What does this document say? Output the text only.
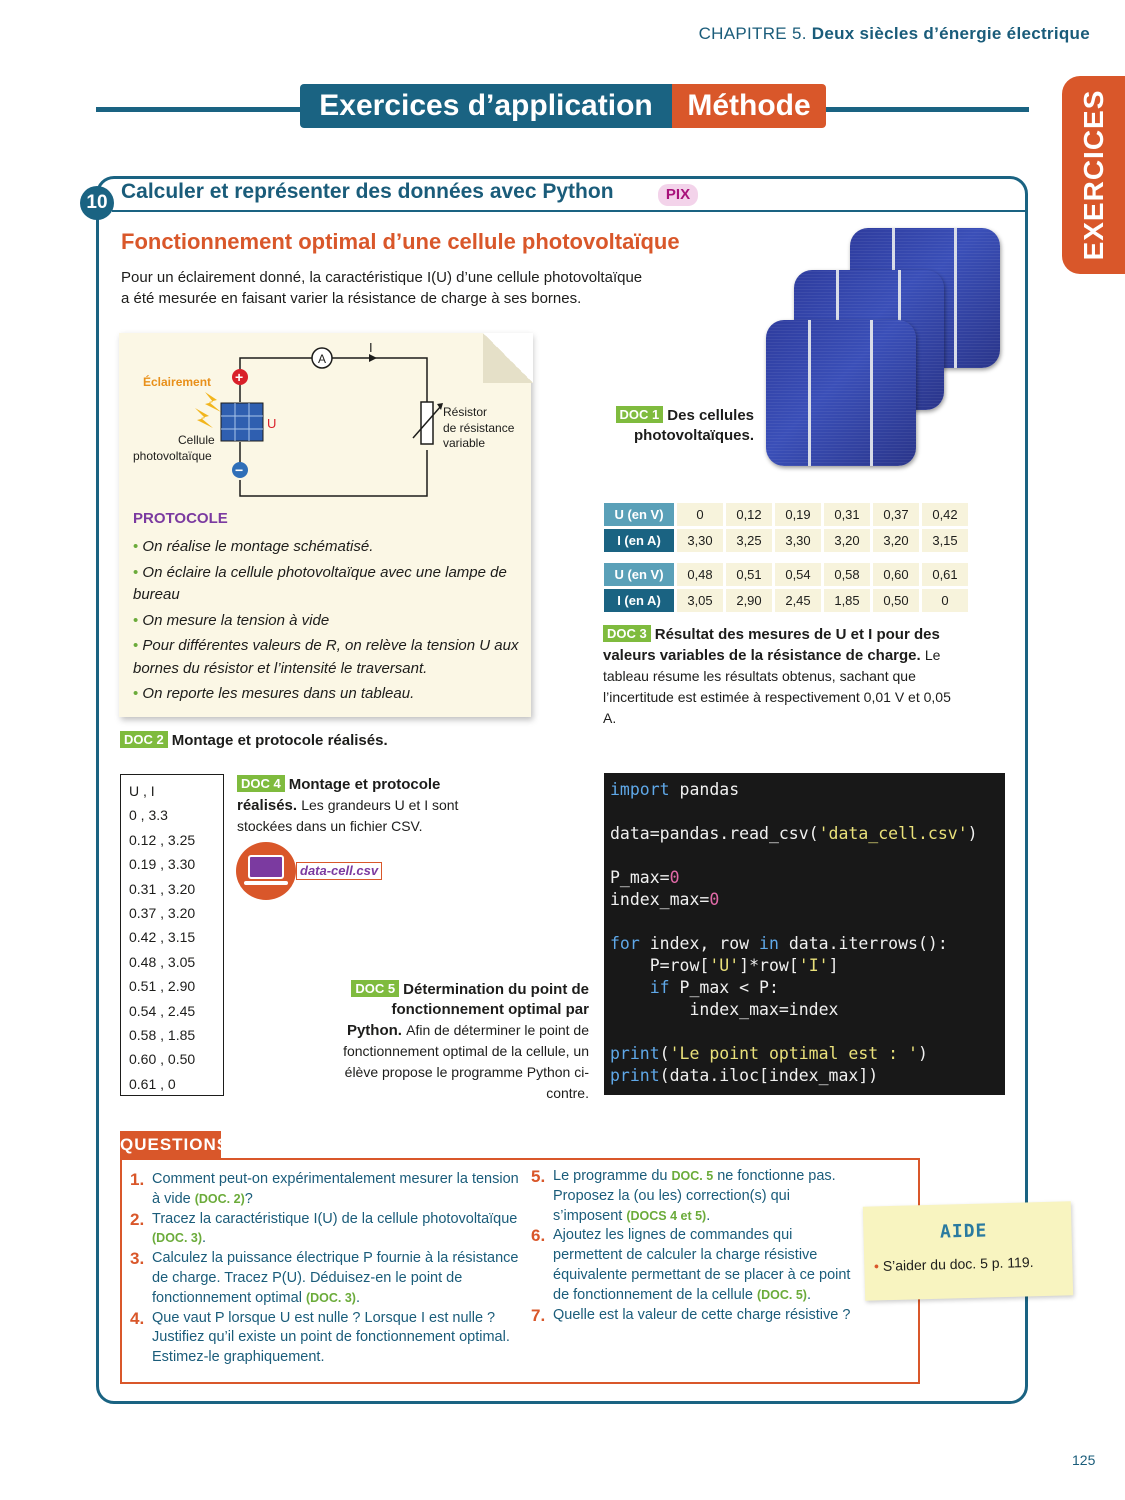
CHAPITRE 5. Deux siècles d’énergie électrique
Exercices d’application	Méthode	EXERCICES
10 Calculer et représenter des données avec Python	PIX
Fonctionnement optimal d’une cellule photovoltaïque
Pour un éclairement donné, la caractéristique I(U) d’une cellule photovoltaïque
a été mesurée en faisant varier la résistance de charge à ses bornes.
A
I
Résistor
de résistance
variable
+
−
Éclairement
U
Cellule
photovoltaïque
PROTOCOLE
• On réalise le montage schématisé.
• On éclaire la cellule photovoltaïque avec une lampe de bureau
• On mesure la tension à vide
• Pour différentes valeurs de R, on relève la tension U aux bornes du résistor et l’intensité le traversant.
• On reporte les mesures dans un tableau.
DOC 2 Montage et protocole réalisés.
DOC 1 Des cellules
photovoltaïques.
U (en V)	0	0,12	0,19	0,31	0,37	0,42
I (en A)	3,30	3,25	3,30	3,20	3,20	3,15
U (en V)	0,48	0,51	0,54	0,58	0,60	0,61
I (en A)	3,05	2,90	2,45	1,85	0,50	0
DOC 3 Résultat des mesures de U et I pour des valeurs variables de la résistance de charge. Le tableau résume les résultats obtenus, sachant que l’incertitude est estimée à respectivement 0,01 V et 0,05 A.
U , I
0 , 3.3
0.12 , 3.25
0.19 , 3.30
0.31 , 3.20
0.37 , 3.20
0.42 , 3.15
0.48 , 3.05
0.51 , 2.90
0.54 , 2.45
0.58 , 1.85
0.60 , 0.50
0.61 , 0
DOC 4 Montage et protocole réalisés. Les grandeurs U et I sont stockées dans un fichier CSV.
data-cell.csv
DOC 5 Détermination du point de fonctionnement optimal par Python. Afin de déterminer le point de fonctionnement optimal de la cellule, un élève propose le programme Python ci-contre.
import pandas

data=pandas.read_csv('data_cell.csv')

P_max=0
index_max=0

for index, row in data.iterrows():
P=row['U']*row['I']
if P_max < P:
index_max=index

print('Le point optimal est : ')
print(data.iloc[index_max])
QUESTIONS
1. Comment peut-on expérimentalement mesurer la tension à vide (DOC. 2)?
2. Tracez la caractéristique I(U) de la cellule photovoltaïque (DOC. 3).
3. Calculez la puissance électrique P fournie à la résistance de charge. Tracez P(U). Déduisez-en le point de fonctionnement optimal (DOC. 3).
4. Que vaut P lorsque U est nulle ? Lorsque I est nulle ? Justifiez qu’il existe un point de fonctionnement optimal. Estimez-le graphiquement.
5. Le programme du DOC. 5 ne fonctionne pas. Proposez la (ou les) correction(s) qui s’imposent (DOCS 4 et 5).
6. Ajoutez les lignes de commandes qui permettent de calculer la charge résistive équivalente permettant de se placer à ce point de fonctionnement de la cellule (DOC. 5).
7. Quelle est la valeur de cette charge résistive ?
AIDE
• S’aider du doc. 5 p. 119.
125
